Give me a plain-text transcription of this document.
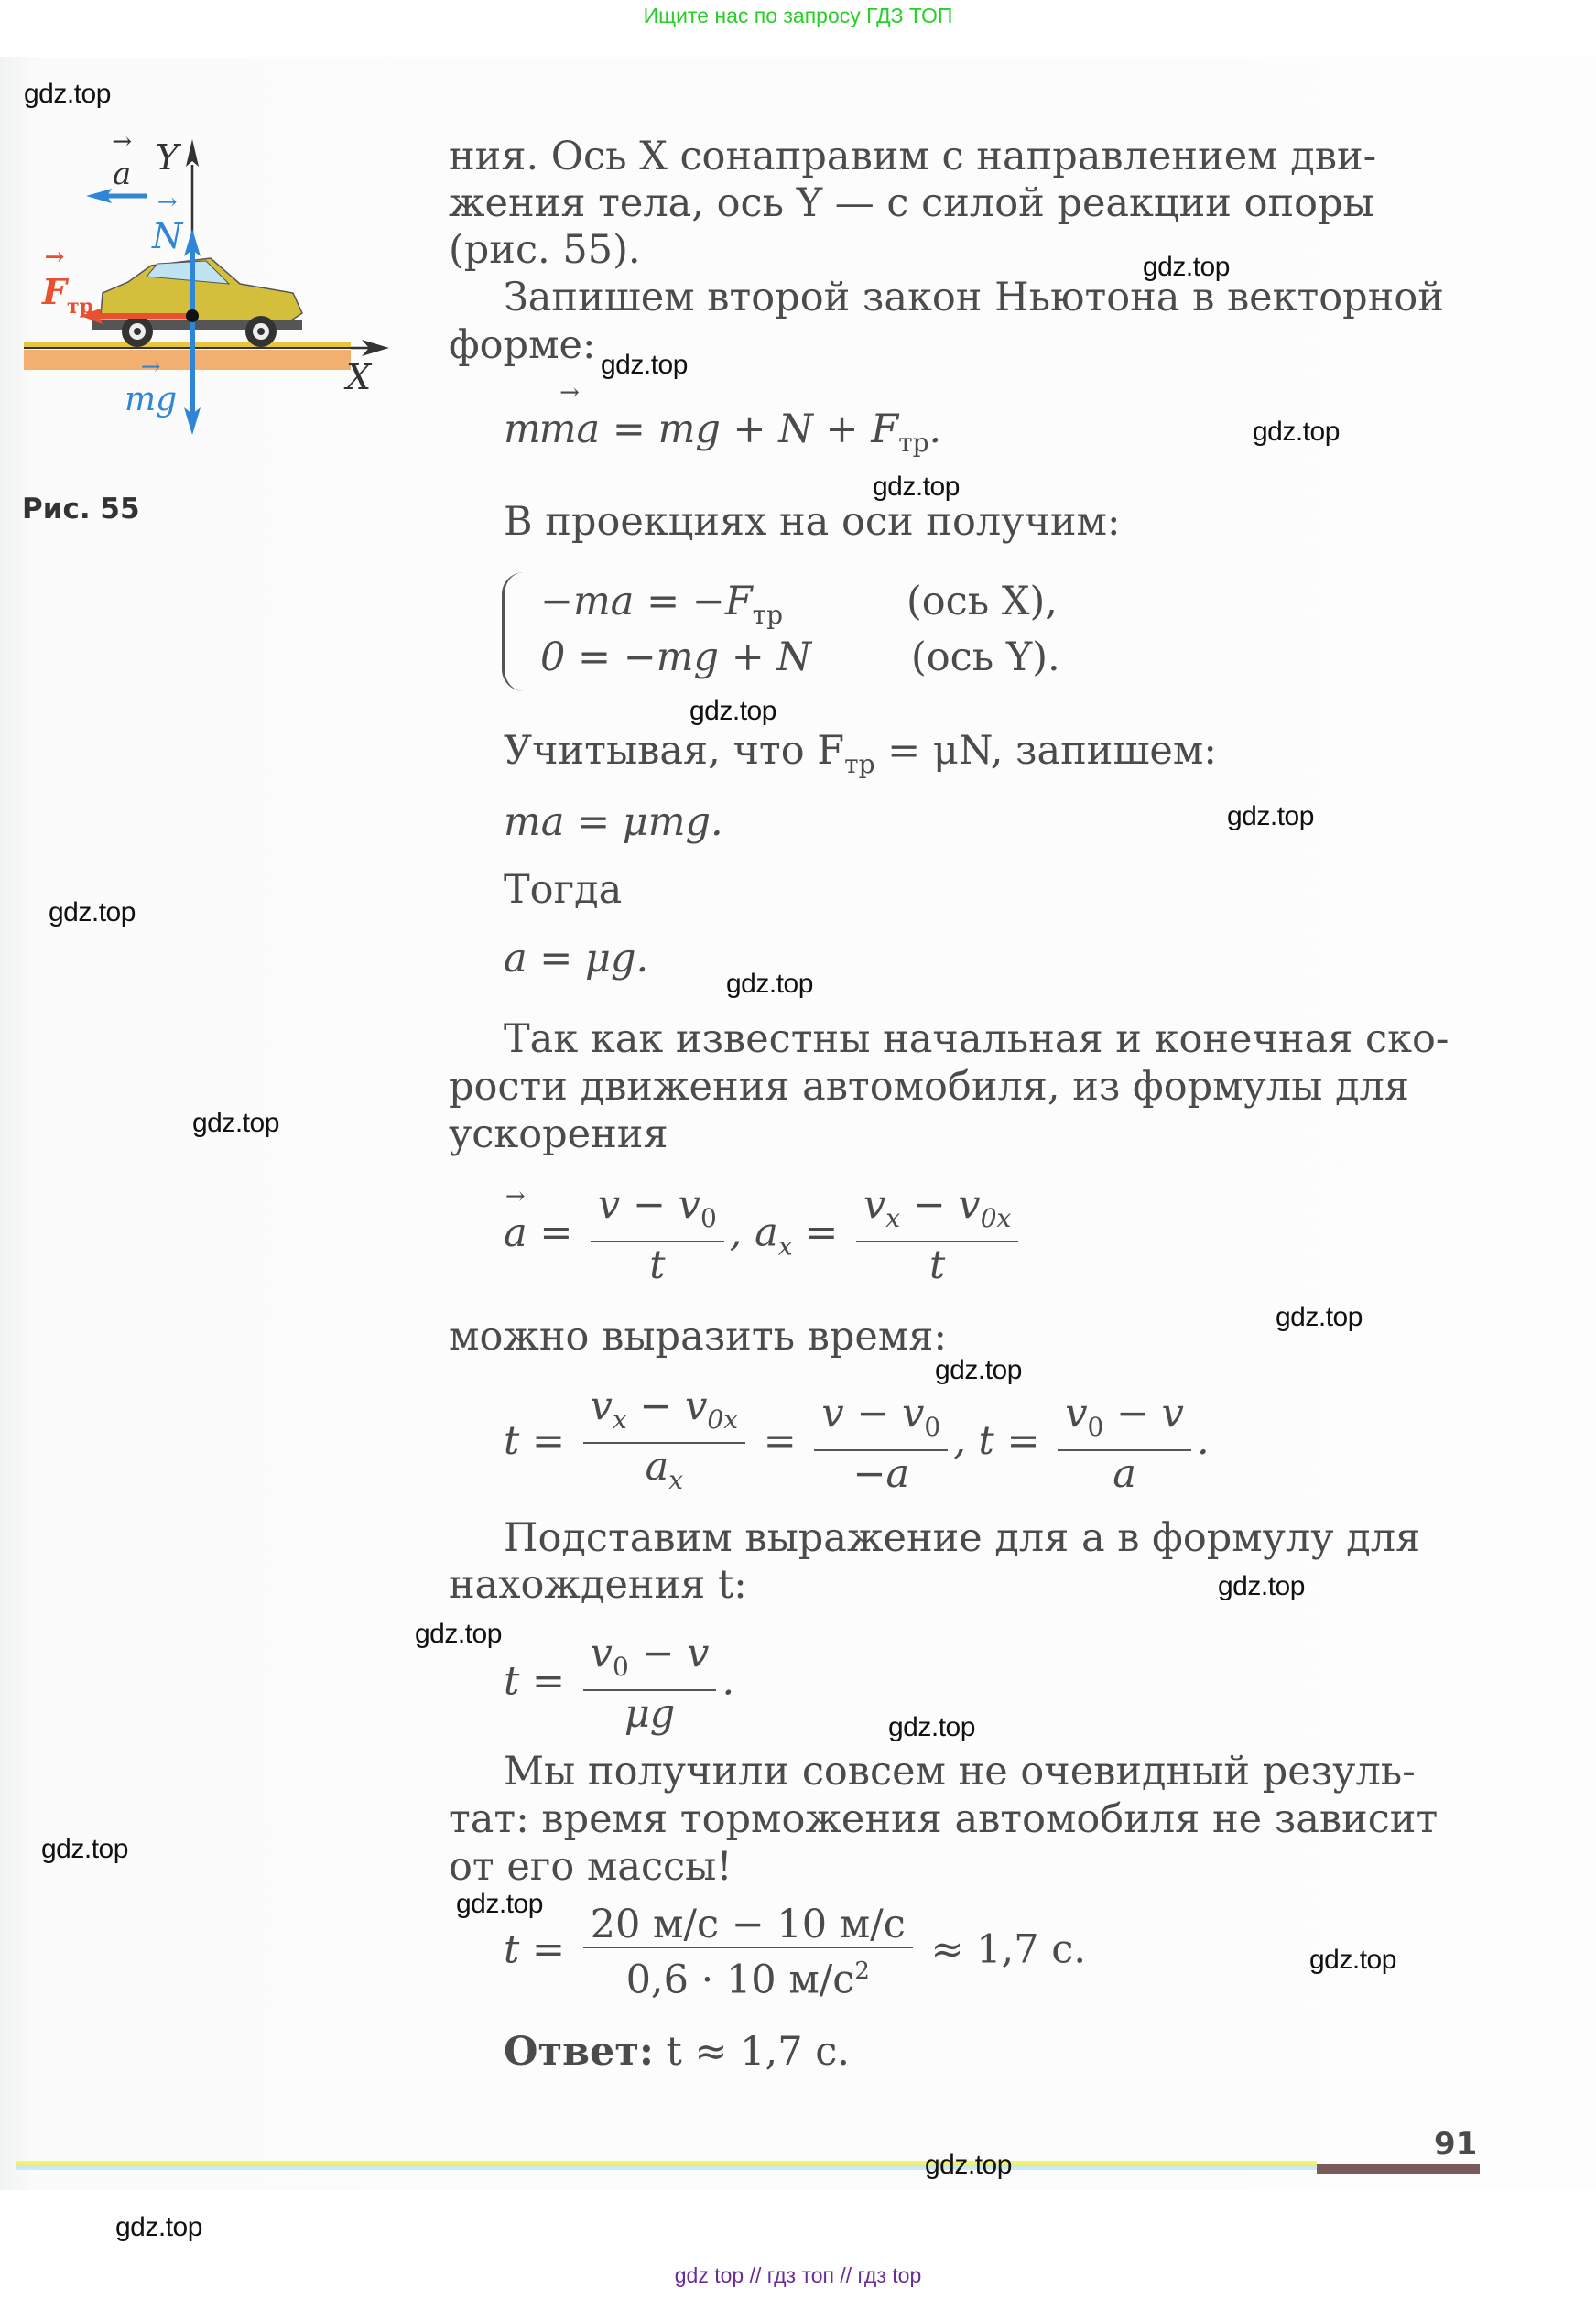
Ищите нас по запросу ГДЗ ТОП
Y
X
→ a
→ N
→ $F_{тр}$
→ mg
Рис. 55
ния. Ось X сонаправим с направлением дви-
жения тела, ось Y — с силой реакции опоры
(рис. 55).
Запишем второй закон Ньютона в векторной
форме:
m→ ma = mg + $N + F_{тр}$.
В проекциях на оси получим:
$-ma = -F_{тр}$	(ось X),
0 = −mg + N	(ось Y).
Учитывая, что $F_{тр} = \mu N$, запишем:
ma = μmg.
Тогда
a = μg.
Так как известны начальная и конечная ско-
рости движения автомобиля, из формулы для
ускорения
→ $a = \frac{v - v_0}{t}$ , $a_x = \frac{v_x - v_{0x}}{t}$
можно выразить время:
$t = \frac{v_x - v_{0x}}{a_x} = \frac{v - v_0}{-a}$ , $t = \frac{v_0 - v}{a}$ .
Подставим выражение для a в формулу для
нахождения t:
$t = \frac{v_0 - v}{\mu g}$ .
Мы получили совсем не очевидный резуль-
тат: время торможения автомобиля не зависит
от его массы!
$t = \frac{20 м/с - 10 м/с}{0,6 \cdot 10 м/с^2} \approx 1,7$ с.
Ответ: t ≈ 1,7 с.
91
gdz top // гдз топ // гдз top
gdz.top
gdz.top
gdz.top
gdz.top
gdz.top
gdz.top
gdz.top
gdz.top
gdz.top
gdz.top
gdz.top
gdz.top
gdz.top
gdz.top
gdz.top
gdz.top
gdz.top
gdz.top
gdz.top
gdz.top
